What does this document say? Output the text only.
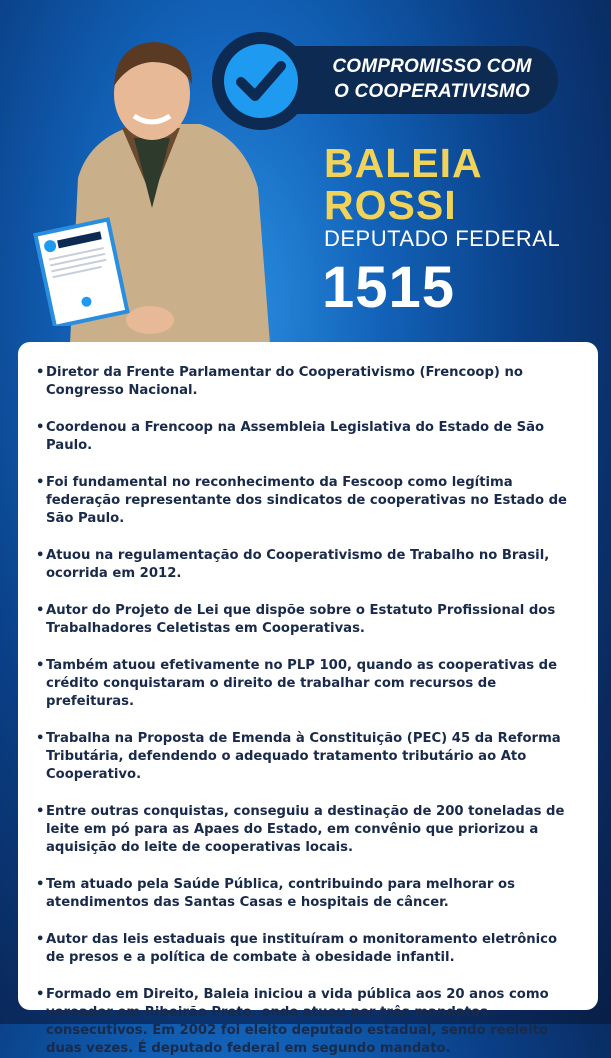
COMPROMISSO COM
O COOPERATIVISMO
BALEIA
ROSSI
DEPUTADO FEDERAL
1515
• Diretor da Frente Parlamentar do Cooperativismo (Frencoop) no Congresso Nacional.
• Coordenou a Frencoop na Assembleia Legislativa do Estado de São Paulo.
• Foi fundamental no reconhecimento da Fescoop como legítima federação representante dos sindicatos de cooperativas no Estado de São Paulo.
• Atuou na regulamentação do Cooperativismo de Trabalho no Brasil, ocorrida em 2012.
• Autor do Projeto de Lei que dispõe sobre o Estatuto Profissional dos Trabalhadores Celetistas em Cooperativas.
• Também atuou efetivamente no PLP 100, quando as cooperativas de crédito conquistaram o direito de trabalhar com recursos de prefeituras.
• Trabalha na Proposta de Emenda à Constituição (PEC) 45 da Reforma Tributária, defendendo o adequado tratamento tributário ao Ato Cooperativo.
• Entre outras conquistas, conseguiu a destinação de 200 toneladas de leite em pó para as Apaes do Estado, em convênio que priorizou a aquisição do leite de cooperativas locais.
• Tem atuado pela Saúde Pública, contribuindo para melhorar os atendimentos das Santas Casas e hospitais de câncer.
• Autor das leis estaduais que instituíram o monitoramento eletrônico de presos e a política de combate à obesidade infantil.
• Formado em Direito, Baleia iniciou a vida pública aos 20 anos como vereador em Ribeirão Preto, onde atuou por três mandatos consecutivos. Em 2002 foi eleito deputado estadual, sendo reeleito duas vezes. É deputado federal em segundo mandato.
